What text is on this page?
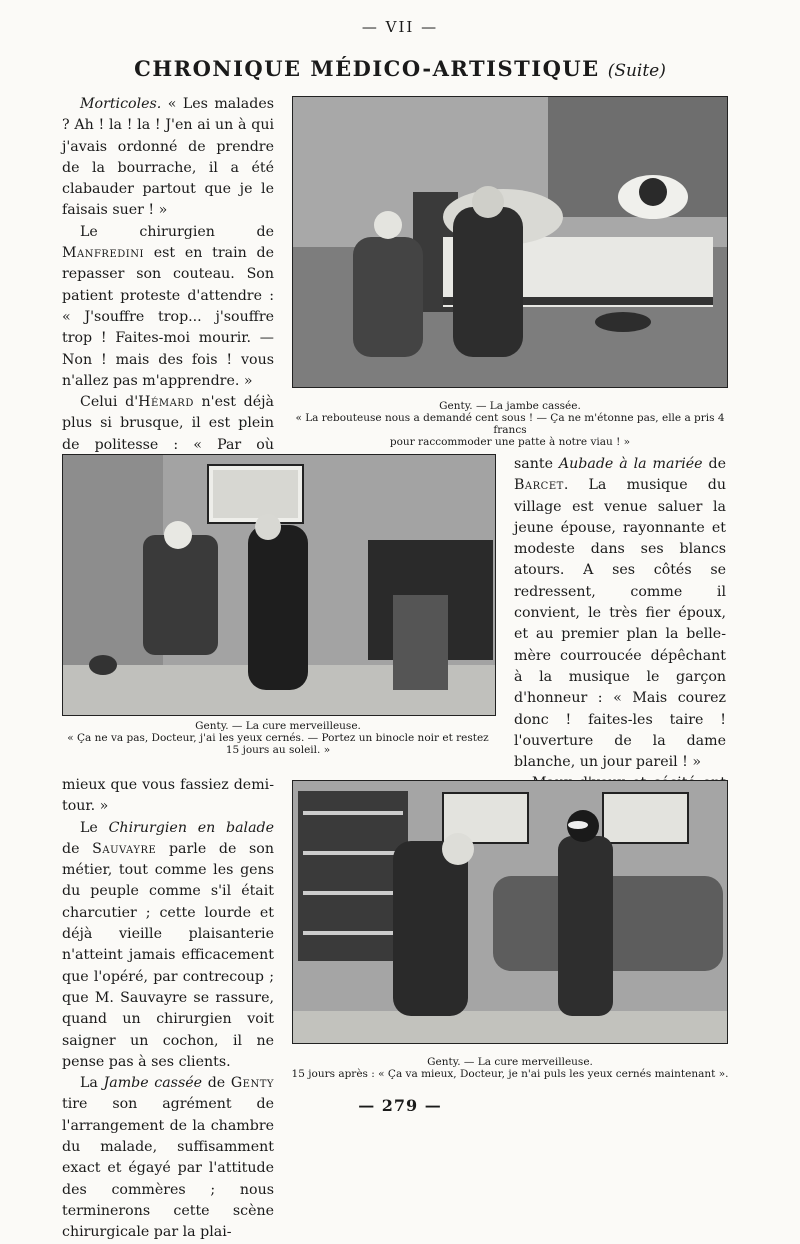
— VII —
CHRONIQUE MÉDICO-ARTISTIQUE (Suite)

Morticoles. « Les malades ? Ah ! la ! la ! J'en ai un à qui j'avais ordonné de prendre de la bourrache, il a été clabauder partout que je le faisais suer ! »

Le chirurgien de Manfredini est en train de repasser son couteau. Son patient proteste d'attendre : « J'souffre trop... j'souffre trop ! Faites-moi mourir. — Non ! mais des fois ! vous n'allez pas m'apprendre. »

Celui d'Hémard n'est déjà plus si brusque, il est plein de politesse : « Par où

Genty. — La jambe cassée.
« La rebouteuse nous a demandé cent sous ! — Ça ne m'étonne pas, elle a pris 4 francs
pour raccommoder une patte à notre viau ! »
Genty. — La cure merveilleuse.
« Ça ne va pas, Docteur, j'ai les yeux cernés. — Portez un binocle noir et restez
15 jours au soleil. »

sante Aubade à la mariée de Barcet. La musique du village est venue saluer la jeune épouse, rayonnante et modeste dans ses blancs atours. A ses côtés se redressent, comme il convient, le très fier époux, et au premier plan la belle-mère courroucée dépêchant à la musique le garçon d'honneur : « Mais courez donc ! faites-les taire ! l'ouverture de la dame blanche, un jour pareil ! »

mieux que vous fassiez demi-tour. »

Le Chirurgien en balade de Sauvayre parle de son métier, tout comme les gens du peuple comme s'il était charcutier ; cette lourde et déjà vieille plaisanterie n'atteint jamais efficacement que l'opéré, par contrecoup ; que M. Sauvayre se rassure, quand un chirurgien voit saigner un cochon, il ne pense pas à ses clients.

La Jambe cassée de Genty tire son agrément de l'arrangement de la chambre du malade, suffisamment exact et égayé par l'attitude des commères ; nous terminerons cette scène chirurgicale par la plai-

Genty. — La cure merveilleuse.
15 jours après : « Ça va mieux, Docteur, je n'ai puls les yeux cernés maintenant ».
— 279 —
